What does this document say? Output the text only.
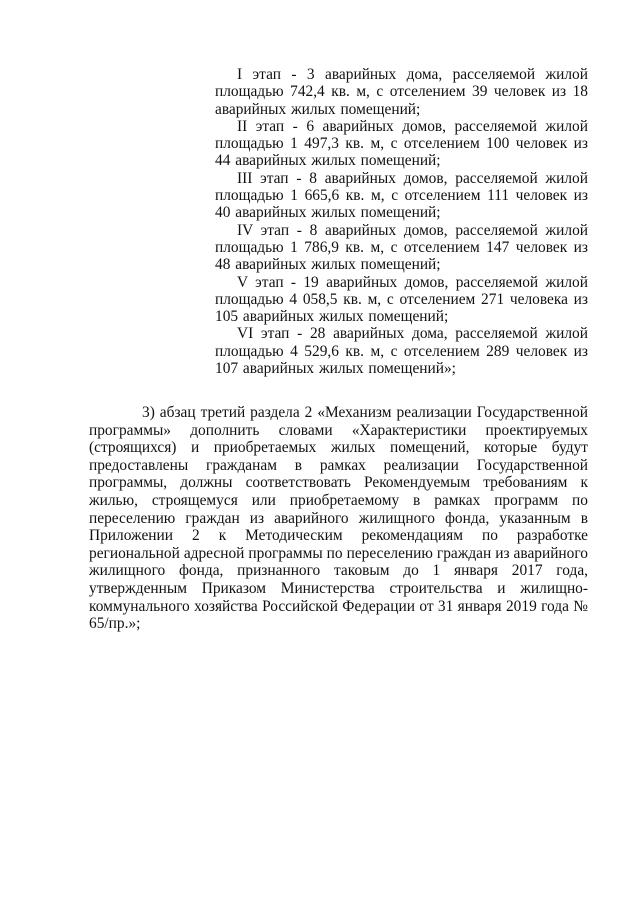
I этап - 3 аварийных дома, расселяемой жилой площадью 742,4 кв. м, с отселением 39 человек из 18 аварийных жилых помещений;

II этап - 6 аварийных домов, расселяемой жилой площадью 1 497,3 кв. м, с отселением 100 человек из 44 аварийных жилых помещений;

III этап - 8 аварийных домов, расселяемой жилой площадью 1 665,6 кв. м, с отселением 111 человек из 40 аварийных жилых помещений;

IV этап - 8 аварийных домов, расселяемой жилой площадью 1 786,9 кв. м, с отселением 147 человек из 48 аварийных жилых помещений;

V этап - 19 аварийных домов, расселяемой жилой площадью 4 058,5 кв. м, с отселением 271 человека из 105 аварийных жилых помещений;

VI этап - 28 аварийных дома, расселяемой жилой площадью 4 529,6 кв. м, с отселением 289 человек из 107 аварийных жилых помещений»;

3) абзац третий раздела 2 «Механизм реализации Государственной программы» дополнить словами «Характеристики проектируемых (строящихся) и приобретаемых жилых помещений, которые будут предоставлены гражданам в рамках реализации Государственной программы, должны соответствовать Рекомендуемым требованиям к жилью, строящемуся или приобретаемому в рамках программ по переселению граждан из аварийного жилищного фонда, указанным в Приложении 2 к Методическим рекомендациям по разработке региональной адресной программы по переселению граждан из аварийного жилищного фонда, признанного таковым до 1 января 2017 года, утвержденным Приказом Министерства строительства и жилищно-коммунального хозяйства Российской Федерации от 31 января 2019 года № 65/пр.»;
